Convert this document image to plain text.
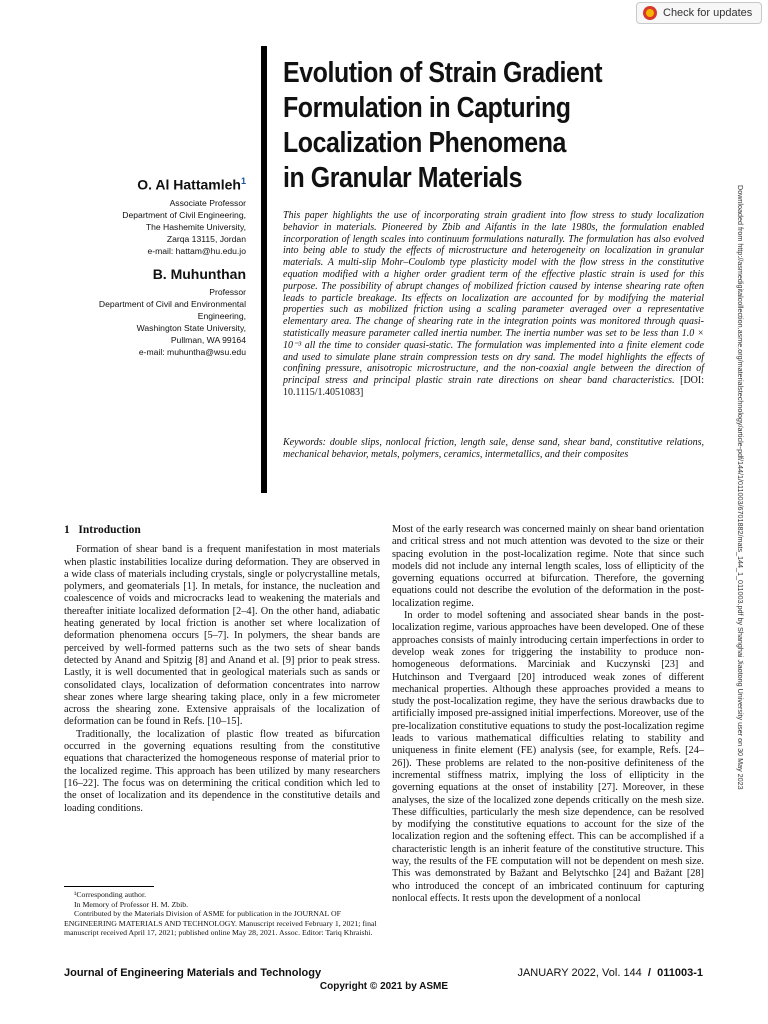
Check for updates
Evolution of Strain Gradient
Formulation in Capturing
Localization Phenomena
in Granular Materials
O. Al Hattamleh$^1$
Associate Professor
Department of Civil Engineering,
The Hashemite University,
Zarqa 13115, Jordan
e-mail: hattam@hu.edu.jo
B. Muhunthan
Professor
Department of Civil and Environmental
Engineering,
Washington State University,
Pullman, WA 99164
e-mail: muhuntha@wsu.edu
This paper highlights the use of incorporating strain gradient into flow stress to study localization behavior in materials. Pioneered by Zbib and Aifantis in the late 1980s, the formulation enabled incorporation of length scales into continuum formulations naturally. The formulation has also evolved into being able to study the effects of microstructure and heterogeneity on localization in granular materials. A multi-slip Mohr–Coulomb type plasticity model with the flow stress in the constitutive equation modified with a higher order gradient term of the effective plastic strain is used for this purpose. The possibility of abrupt changes of mobilized friction caused by intense shearing rate often leads to particle breakage. Its effects on localization are accounted for by modifying the material properties such as mobilized friction using a scaling parameter averaged over a representative elementary area. The change of shearing rate in the integration points was monitored through quasi-statistically measure parameter called inertia number. The inertia number was set to be less than 1.0 × 10⁻³ all the time to consider quasi-static. The formulation was implemented into a finite element code and used to simulate plane strain compression tests on dry sand. The model highlights the effects of confining pressure, anisotropic microstructure, and the non-coaxial angle between the direction of principal stress and principal plastic strain rate directions on shear band characteristics. [DOI: 10.1115/1.4051083]
Keywords: double slips, nonlocal friction, length sale, dense sand, shear band, constitutive relations, mechanical behavior, metals, polymers, ceramics, intermetallics, and their composites	Downloaded from http://asmedigitalcollection.asme.org/materialstechnology/article-pdf/144/1/011003/6701882/mats_144_1_011003.pdf by Shanghai Jiaotong University user on 30 May 2023
1 Introduction

Formation of shear band is a frequent manifestation in most materials when plastic instabilities localize during deformation. They are observed in a wide class of materials including crystals, single or polycrystalline metals, polymers, and geomaterials [1]. In metals, for instance, the nucleation and coalescence of voids and microcracks lead to weakening the materials and thereafter initiate localized deformation [2–4]. On the other hand, adiabatic heating generated by local friction is another set where localization of deformation phenomena occurs [5–7]. In polymers, the shear bands are perceived by well-formed patterns such as the two sets of shear bands detected by Anand and Spitzig [8] and Anand et al. [9] prior to peak stress. Lastly, it is well documented that in geological materials such as sands or consolidated clays, localization of deformation concentrates into narrow shear zones where large shearing taking place, only in a few micrometer across the shearing zone. Extensive appraisals of the localization of deformation can be found in Refs. [10–15].

Traditionally, the localization of plastic flow treated as bifurcation occurred in the governing equations resulting from the constitutive equations that characterized the homogeneous response of material prior to the localized regime. This approach has been utilized by many researchers [16–22]. The focus was on determining the critical condition which led to the onset of localization and its dependence in the constitutive details and loading conditions.

¹Corresponding author.

In Memory of Professor H. M. Zbib.

Contributed by the Materials Division of ASME for publication in the JOURNAL OF ENGINEERING MATERIALS AND TECHNOLOGY. Manuscript received February 1, 2021; final manuscript received April 17, 2021; published online May 28, 2021. Assoc. Editor: Tariq Khraishi.

Most of the early research was concerned mainly on shear band orientation and critical stress and not much attention was devoted to the size or their spacing evolution in the post-localization regime. Note that since such models did not include any internal length scales, loss of ellipticity of the governing equations occurred at bifurcation. Therefore, the governing equations could not describe the evolution of the deformation in the post-localization regime.

In order to model softening and associated shear bands in the post-localization regime, various approaches have been developed. One of these approaches consists of mainly introducing certain imperfections in order to develop weak zones for triggering the instability to produce non-homogeneous deformations. Marciniak and Kuczynski [23] and Hutchinson and Tvergaard [20] introduced weak zones of different mechanical properties. Although these approaches provided a means to study the post-localization regime, they have the serious drawbacks due to artificially imposed pre-assigned initial imperfections. Moreover, use of the pre-localization constitutive equations to study the post-localization regime leads to various mathematical difficulties relating to stability and uniqueness in finite element (FE) analysis (see, for example, Refs. [24–26]). These problems are related to the non-positive definiteness of the incremental stiffness matrix, implying the loss of ellipticity in the governing equations at the onset of instability [27]. Moreover, in these analyses, the size of the localized zone depends critically on the mesh size. These difficulties, particularly the mesh size dependence, can be resolved by modifying the constitutive equations to account for the size of the localization region and the softening effect. This can be accomplished if a characteristic length is an inherit feature of the constitutive structure. This way, the results of the FE computation will not be dependent on mesh size. This was demonstrated by Bažant and Belytschko [24] and Bažant [28] who introduced the concept of an imbricated continuum for capturing nonlocal effects. It rests upon the development of a nonlocal

Journal of Engineering Materials and Technology	JANUARY 2022, Vol. 144 / 011003-1
Copyright © 2021 by ASME
